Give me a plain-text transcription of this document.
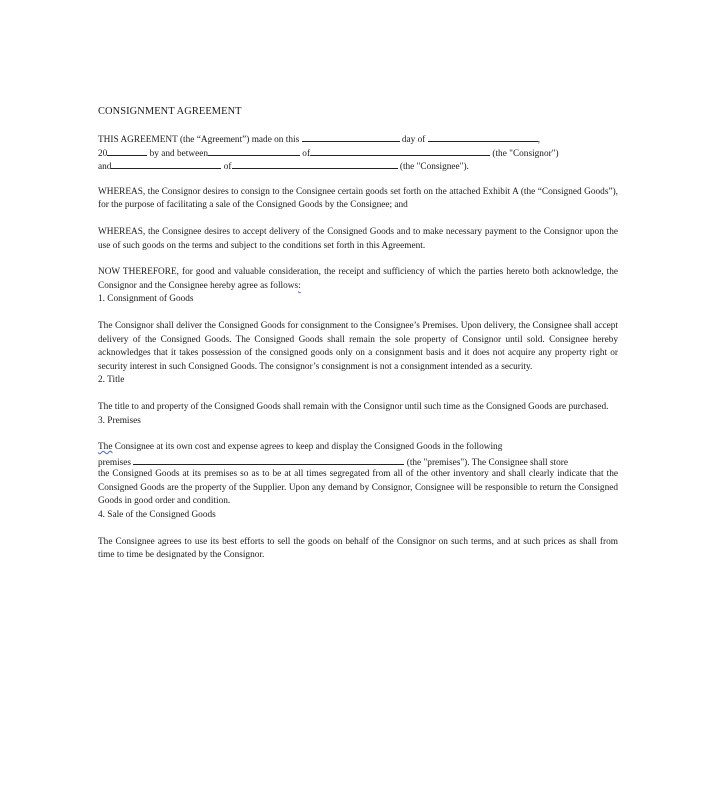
CONSIGNMENT AGREEMENT
THIS AGREEMENT (the “Agreement”) made on this	day of	,
20	by and between	of	(the "Consignor")
and	of	(the "Consignee").

WHEREAS, the Consignor desires to consign to the Consignee certain goods set forth on the attached Exhibit A (the “Consigned Goods”), for the purpose of facilitating a sale of the Consigned Goods by the Consignee; and

WHEREAS, the Consignee desires to accept delivery of the Consigned Goods and to make necessary payment to the Consignor upon the use of such goods on the terms and subject to the conditions set forth in this Agreement.

NOW THEREFORE, for good and valuable consideration, the receipt and sufficiency of which the parties hereto both acknowledge, the Consignor and the Consignee hereby agree as follows:

1. Consignment of Goods

The Consignor shall deliver the Consigned Goods for consignment to the Consignee’s Premises. Upon delivery, the Consignee shall accept delivery of the Consigned Goods. The Consigned Goods shall remain the sole property of Consignor until sold. Consignee hereby acknowledges that it takes possession of the consigned goods only on a consignment basis and it does not acquire any property right or security interest in such Consigned Goods. The consignor’s consignment is not a consignment intended as a security.

2. Title

The title to and property of the Consigned Goods shall remain with the Consignor until such time as the Consigned Goods are purchased.

3. Premises
The Consignee at its own cost and expense agrees to keep and display the Consigned Goods in the following
premises	(the "premises"). The Consignee shall store

the Consigned Goods at its premises so as to be at all times segregated from all of the other inventory and shall clearly indicate that the Consigned Goods are the property of the Supplier. Upon any demand by Consignor, Consignee will be responsible to return the Consigned Goods in good order and condition.

4. Sale of the Consigned Goods

The Consignee agrees to use its best efforts to sell the goods on behalf of the Consignor on such terms, and at such prices as shall from time to time be designated by the Consignor.
